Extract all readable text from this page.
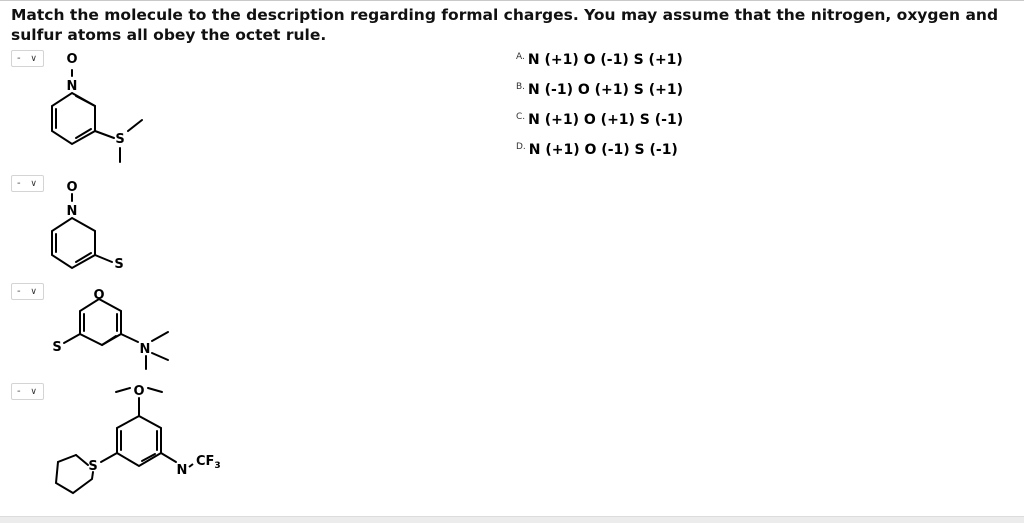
Match the molecule to the description regarding formal charges. You may assume that the nitrogen, oxygen and sulfur atoms all obey the octet rule.
- ∨
- ∨
- ∨
- ∨
O
N
S
O
N
S
O
S	N
O
S	N
$CF_3$
A. N (+1) O (-1) S (+1)
B. N (-1) O (+1) S (+1)
C. N (+1) O (+1) S (-1)
D. N (+1) O (-1) S (-1)
